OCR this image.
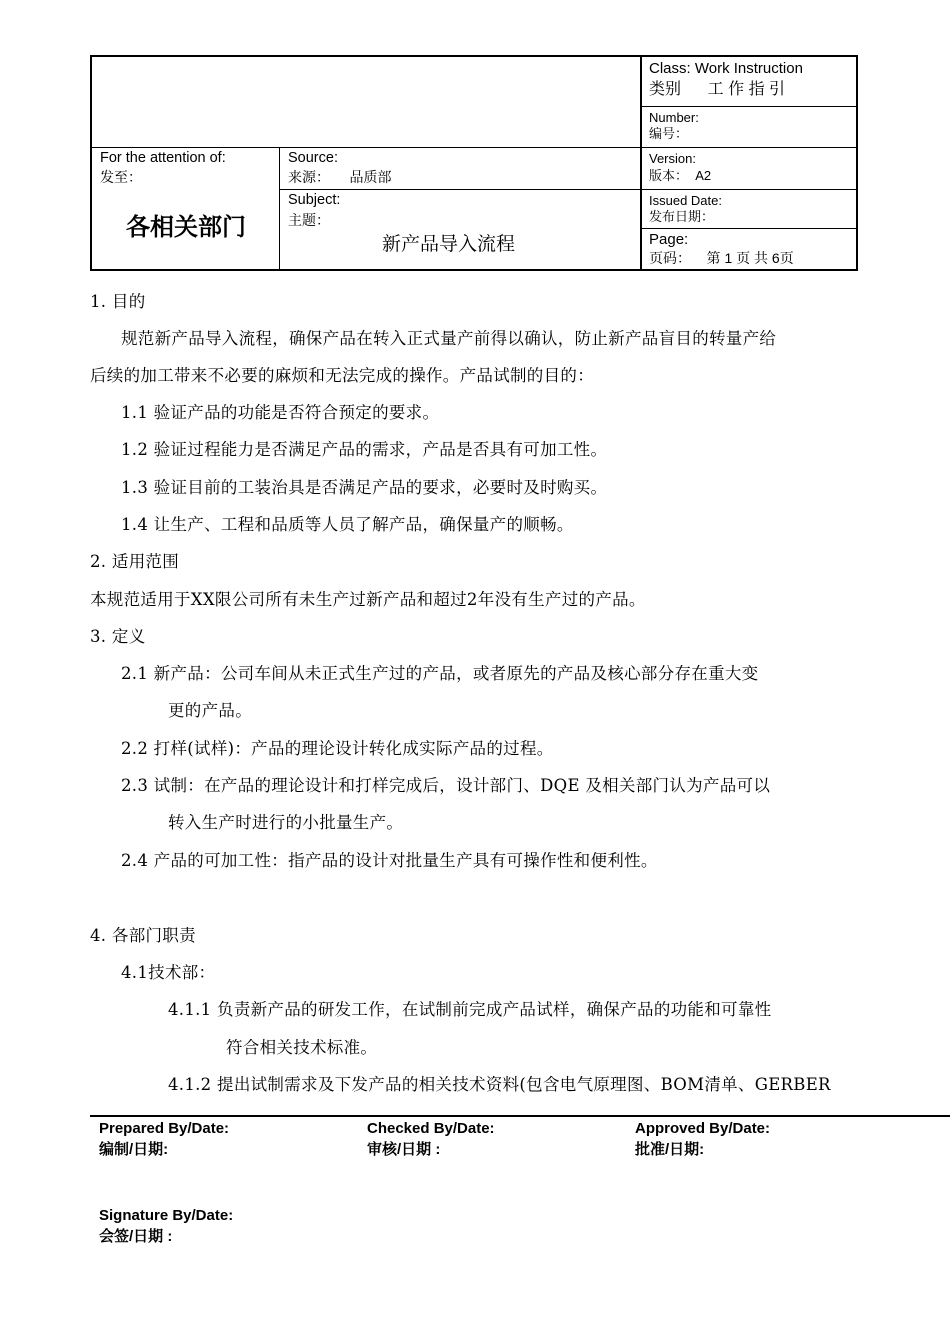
Class: Work Instruction
类别      工 作 指 引
Number:
编号：
Version:
版本：  A2
Issued Date:
发布日期：
Page:
页码：    第 1 页 共 6页
For the attention of:
发至：
各相关部门
Source:
来源：     品质部
Subject:
主题：
新产品导入流程
1. 目的
规范新产品导入流程，确保产品在转入正式量产前得以确认，防止新产品盲目的转量产给
后续的加工带来不必要的麻烦和无法完成的操作。产品试制的目的：
1.1 验证产品的功能是否符合预定的要求。
1.2 验证过程能力是否满足产品的需求，产品是否具有可加工性。
1.3 验证目前的工装治具是否满足产品的要求，必要时及时购买。
1.4 让生产、工程和品质等人员了解产品，确保量产的顺畅。
2. 适用范围
本规范适用于XX限公司所有未生产过新产品和超过2年没有生产过的产品。
3. 定义
2.1 新产品：公司车间从未正式生产过的产品，或者原先的产品及核心部分存在重大变
更的产品。
2.2 打样(试样)：产品的理论设计转化成实际产品的过程。
2.3 试制：在产品的理论设计和打样完成后，设计部门、DQE 及相关部门认为产品可以
转入生产时进行的小批量生产。
2.4 产品的可加工性：指产品的设计对批量生产具有可操作性和便利性。
4. 各部门职责
4.1技术部：
4.1.1 负责新产品的研发工作，在试制前完成产品试样，确保产品的功能和可靠性
符合相关技术标准。
4.1.2 提出试制需求及下发产品的相关技术资料(包含电气原理图、BOM清单、GERBER
Prepared By/Date:
编制/日期:
Checked By/Date:
审核/日期 :
Approved By/Date:
批准/日期:
Signature By/Date:
会签/日期 :
